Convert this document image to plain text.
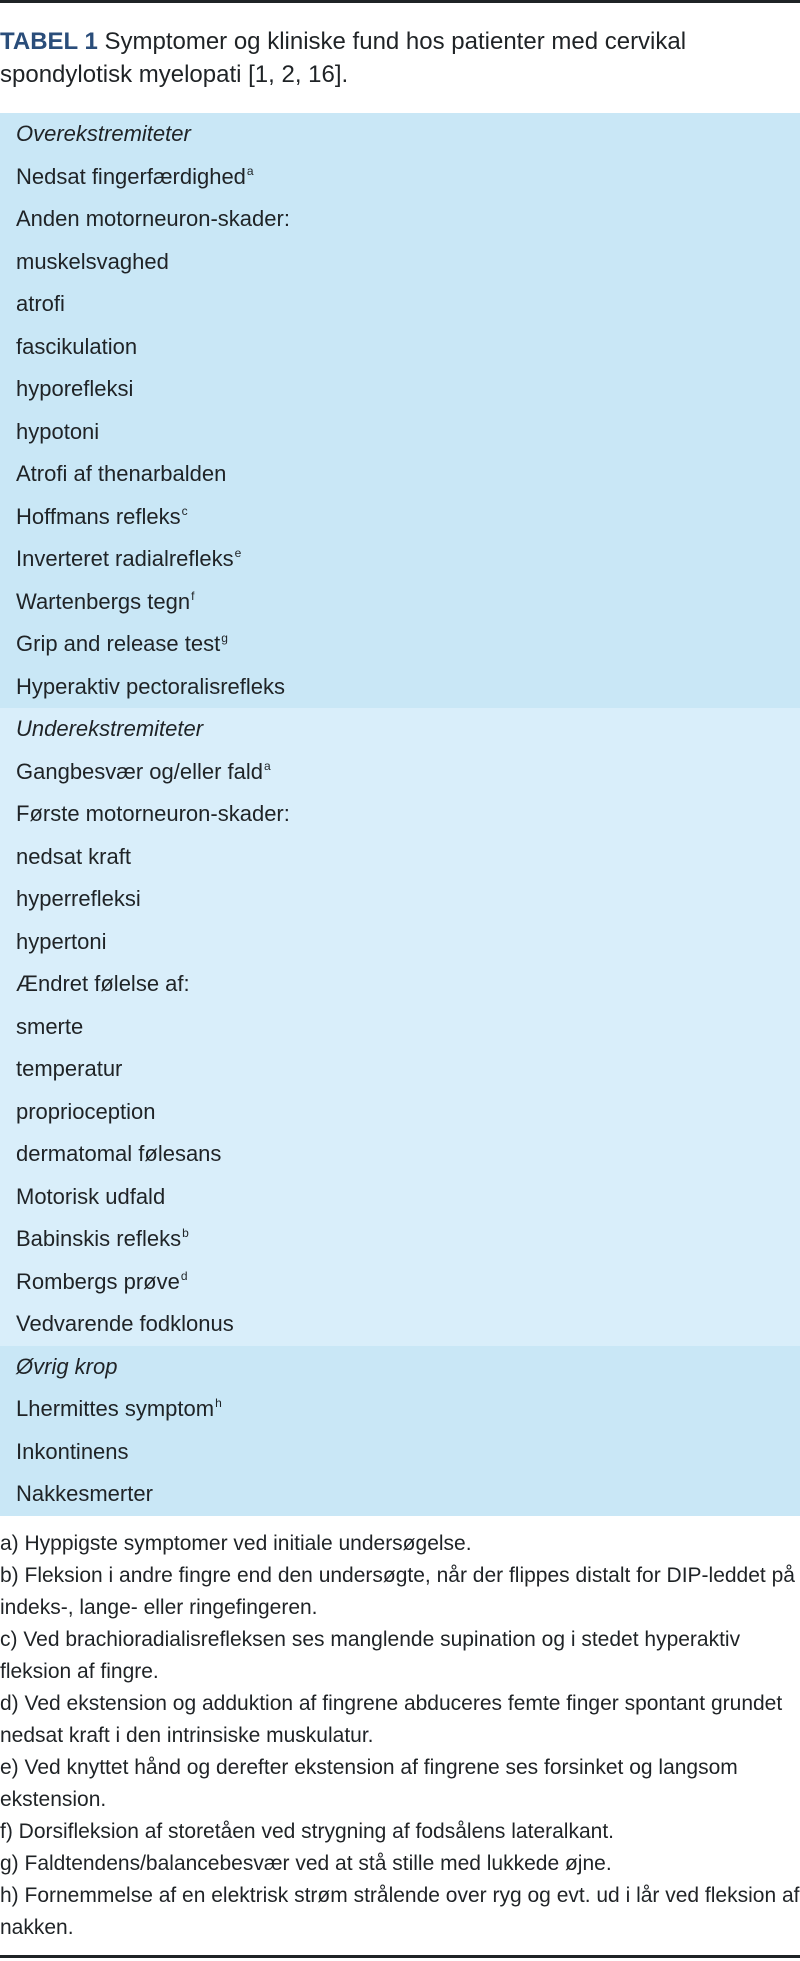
TABEL 1 Symptomer og kliniske fund hos patienter med cervikal spondylotisk myelopati [1, 2, 16].
Overekstremiteter
Nedsat fingerfærdighed$^a$
Anden motorneuron-skader:
muskelsvaghed
atrofi
fascikulation
hyporefleksi
hypotoni
Atrofi af thenarbalden
Hoffmans refleks$^c$
Inverteret radialrefleks$^e$
Wartenbergs tegn$^f$
Grip and release test$^g$
Hyperaktiv pectoralisrefleks
Underekstremiteter
Gangbesvær og/eller fald$^a$
Første motorneuron-skader:
nedsat kraft
hyperrefleksi
hypertoni
Ændret følelse af:
smerte
temperatur
proprioception
dermatomal følesans
Motorisk udfald
Babinskis refleks$^b$
Rombergs prøve$^d$
Vedvarende fodklonus
Øvrig krop
Lhermittes symptom$^h$
Inkontinens
Nakkesmerter

a) Hyppigste symptomer ved initiale undersøgelse.

b) Fleksion i andre fingre end den undersøgte, når der flippes distalt for DIP-leddet på indeks-, lange- eller ringefingeren.

c) Ved brachioradialisrefleksen ses manglende supination og i stedet hyperaktiv fleksion af fingre.

d) Ved ekstension og adduktion af fingrene abduceres femte finger spontant grundet nedsat kraft i den intrinsiske muskulatur.

e) Ved knyttet hånd og derefter ekstension af fingrene ses forsinket og langsom ekstension.

f) Dorsifleksion af storetåen ved strygning af fodsålens lateralkant.

g) Faldtendens/balancebesvær ved at stå stille med lukkede øjne.

h) Fornemmelse af en elektrisk strøm strålende over ryg og evt. ud i lår ved fleksion af nakken.
